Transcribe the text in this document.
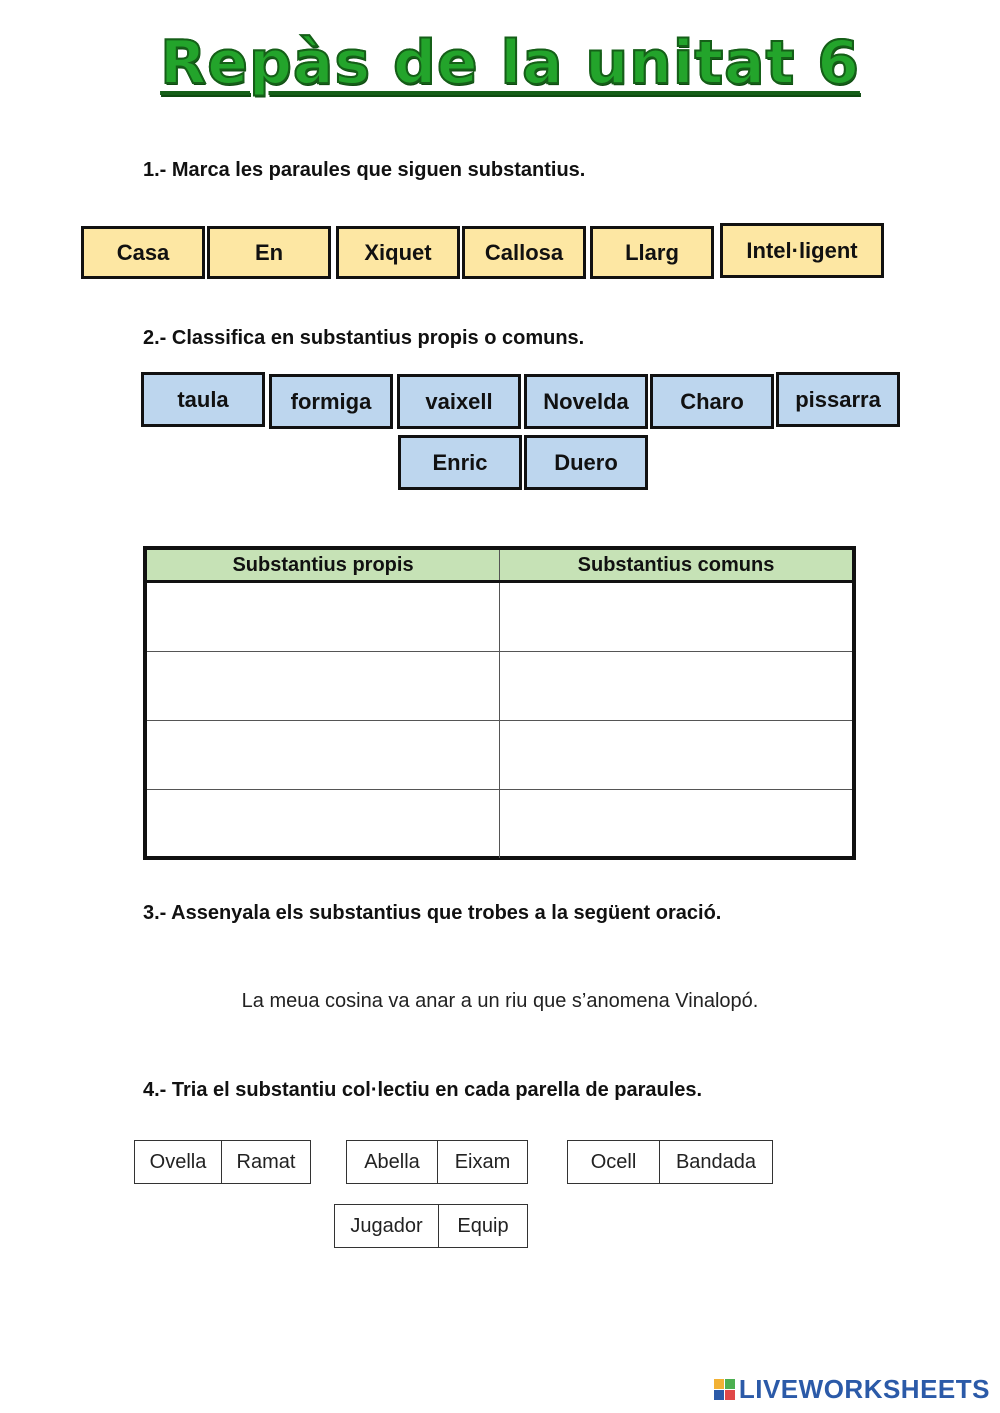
Repàs de la unitat 6
1.- Marca les paraules que siguen substantius.
Casa	En	Xiquet	Callosa	Llarg	Intel·ligent
2.- Classifica en substantius propis o comuns.
taula	formiga	vaixell	Novelda	Charo	pissarra
Enric	Duero
Substantius propis	Substantius comuns
3.- Assenyala els substantius que trobes a la següent oració.
La meua cosina va anar a un riu que s’anomena Vinalopó.
4.- Tria el substantiu col·lectiu en cada parella de paraules.
Ovella	Ramat	Abella	Eixam	Ocell	Bandada
Jugador	Equip
LIVEWORKSHEETS
